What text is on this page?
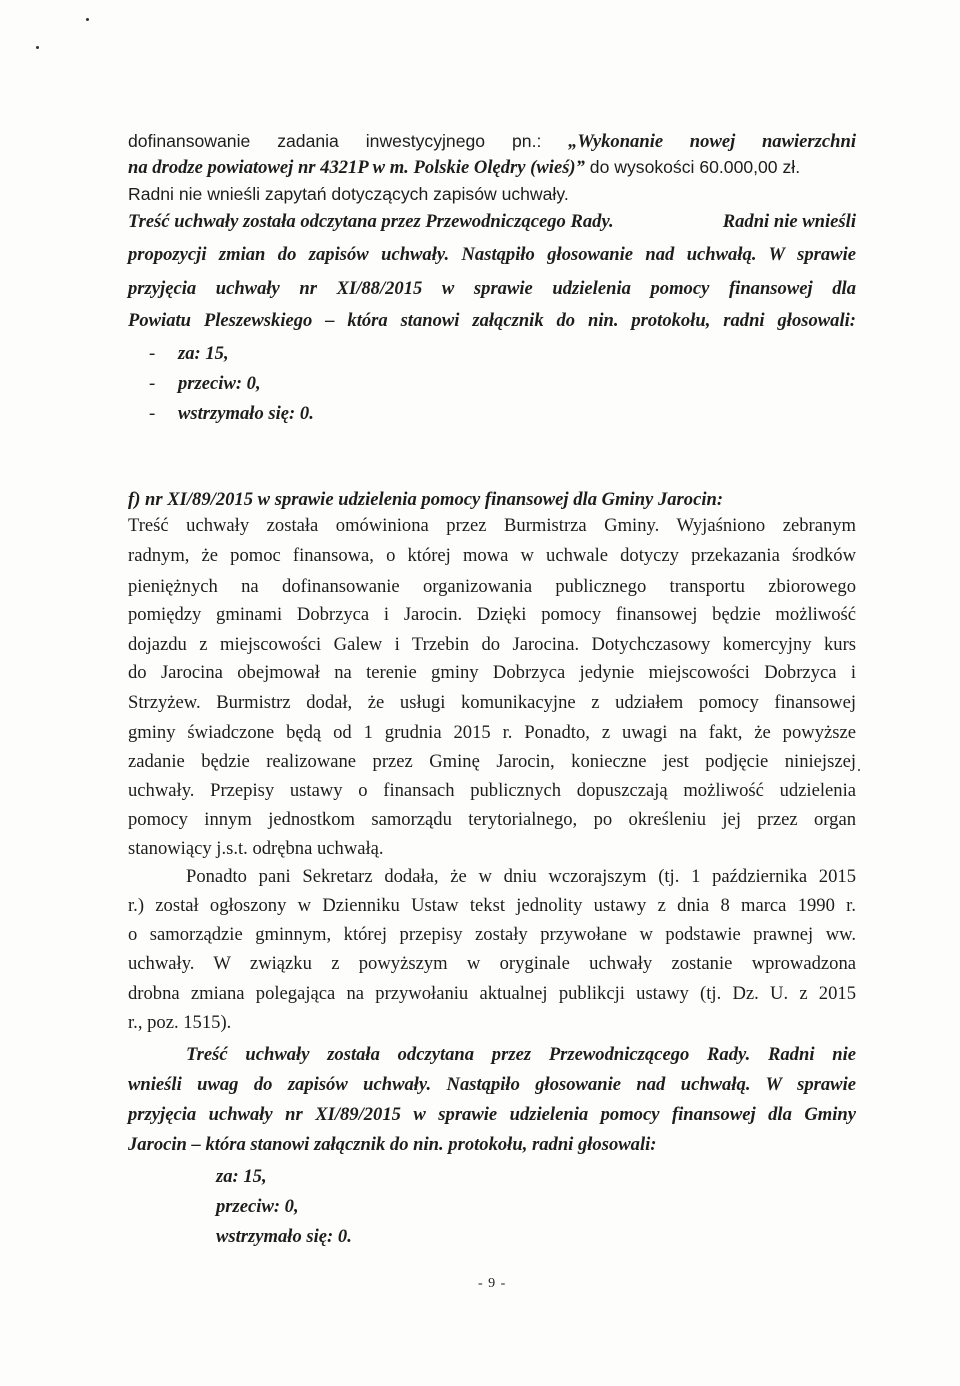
dofinansowanie zadania inwestycyjnego pn.: „Wykonanie nowej nawierzchni
na drodze powiatowej nr 4321P w m. Polskie Olędry (wieś)” do wysokości 60.000,00 zł.
Radni nie wnieśli zapytań dotyczących zapisów uchwały.
Treść uchwały została odczytana przez Przewodniczącego Rady.	Radni nie wnieśli
propozycji zmian do zapisów uchwały. Nastąpiło głosowanie nad uchwałą. W sprawie
przyjęcia uchwały nr XI/88/2015 w sprawie udzielenia pomocy finansowej dla
Powiatu Pleszewskiego – która stanowi załącznik do nin. protokołu, radni głosowali:
- za: 15,
- przeciw: 0,
- wstrzymało się: 0.
f) nr XI/89/2015 w sprawie udzielenia pomocy finansowej dla Gminy Jarocin:
Treść uchwały została omówiniona przez Burmistrza Gminy. Wyjaśniono zebranym
radnym, że pomoc finansowa, o której mowa w uchwale dotyczy przekazania środków
pieniężnych na dofinansowanie organizowania publicznego transportu zbiorowego
pomiędzy gminami Dobrzyca i Jarocin. Dzięki pomocy finansowej będzie możliwość
dojazdu z miejscowości Galew i Trzebin do Jarocina. Dotychczasowy komercyjny kurs
do Jarocina obejmował na terenie gminy Dobrzyca jedynie miejscowości Dobrzyca i
Strzyżew. Burmistrz dodał, że usługi komunikacyjne z udziałem pomocy finansowej
gminy świadczone będą od 1 grudnia 2015 r. Ponadto, z uwagi na fakt, że powyższe
zadanie będzie realizowane przez Gminę Jarocin, konieczne jest podjęcie niniejszej
uchwały. Przepisy ustawy o finansach publicznych dopuszczają możliwość udzielenia
pomocy innym jednostkom samorządu terytorialnego, po określeniu jej przez organ
stanowiący j.s.t. odrębna uchwałą.
Ponadto pani Sekretarz dodała, że w dniu wczorajszym (tj. 1 października 2015
r.) został ogłoszony w Dzienniku Ustaw tekst jednolity ustawy z dnia 8 marca 1990 r.
o samorządzie gminnym, której przepisy zostały przywołane w podstawie prawnej ww.
uchwały. W związku z powyższym w oryginale uchwały zostanie wprowadzona
drobna zmiana polegająca na przywołaniu aktualnej publikcji ustawy (tj. Dz. U. z 2015
r., poz. 1515).
Treść uchwały została odczytana przez Przewodniczącego Rady. Radni nie
wnieśli uwag do zapisów uchwały. Nastąpiło głosowanie nad uchwałą. W sprawie
przyjęcia uchwały nr XI/89/2015 w sprawie udzielenia pomocy finansowej dla Gminy
Jarocin – która stanowi załącznik do nin. protokołu, radni głosowali:
za: 15,
przeciw: 0,
wstrzymało się: 0.
- 9 -
